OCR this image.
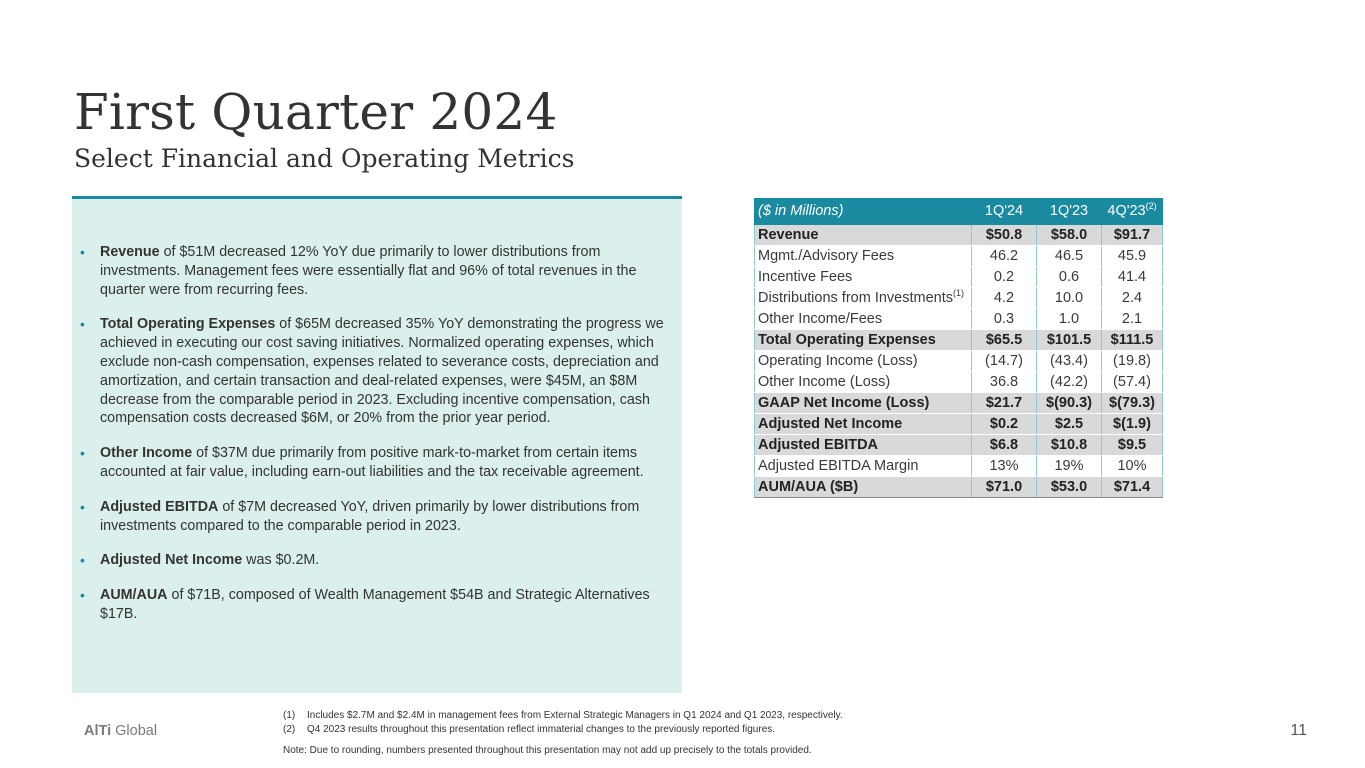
First Quarter 2024
Select Financial and Operating Metrics
• Revenue of $51M decreased 12% YoY due primarily to lower distributions from investments. Management fees were essentially flat and 96% of total revenues in the quarter were from recurring fees.
• Total Operating Expenses of $65M decreased 35% YoY demonstrating the progress we achieved in executing our cost saving initiatives. Normalized operating expenses, which exclude non-cash compensation, expenses related to severance costs, depreciation and amortization, and certain transaction and deal-related expenses, were $45M, an $8M decrease from the comparable period in 2023. Excluding incentive compensation, cash compensation costs decreased $6M, or 20% from the prior year period.
• Other Income of $37M due primarily from positive mark-to-market from certain items accounted at fair value, including earn-out liabilities and the tax receivable agreement.
• Adjusted EBITDA of $7M decreased YoY, driven primarily by lower distributions from investments compared to the comparable period in 2023.
• Adjusted Net Income was $0.2M.
• AUM/AUA of $71B, composed of Wealth Management $54B and Strategic Alternatives $17B.
($ in Millions)	1Q'24	1Q'23	4Q'23$^{(2)}$
Revenue	$50.8	$58.0	$91.7
Mgmt./Advisory Fees	46.2	46.5	45.9
Incentive Fees	0.2	0.6	41.4
Distributions from Investments$^{(1)}$	4.2	10.0	2.4
Other Income/Fees	0.3	1.0	2.1
Total Operating Expenses	$65.5	$101.5	$111.5
Operating Income (Loss)	(14.7)	(43.4)	(19.8)
Other Income (Loss)	36.8	(42.2)	(57.4)
GAAP Net Income (Loss)	$21.7	$(90.3)	$(79.3)
Adjusted Net Income	$0.2	$2.5	$(1.9)
Adjusted EBITDA	$6.8	$10.8	$9.5
Adjusted EBITDA Margin	13%	19%	10%
AUM/AUA ($B)	$71.0	$53.0	$71.4
AlTi Global
(1) Includes $2.7M and $2.4M in management fees from External Strategic Managers in Q1 2024 and Q1 2023, respectively.
(2) Q4 2023 results throughout this presentation reflect immaterial changes to the previously reported figures.
Note: Due to rounding, numbers presented throughout this presentation may not add up precisely to the totals provided.
11
